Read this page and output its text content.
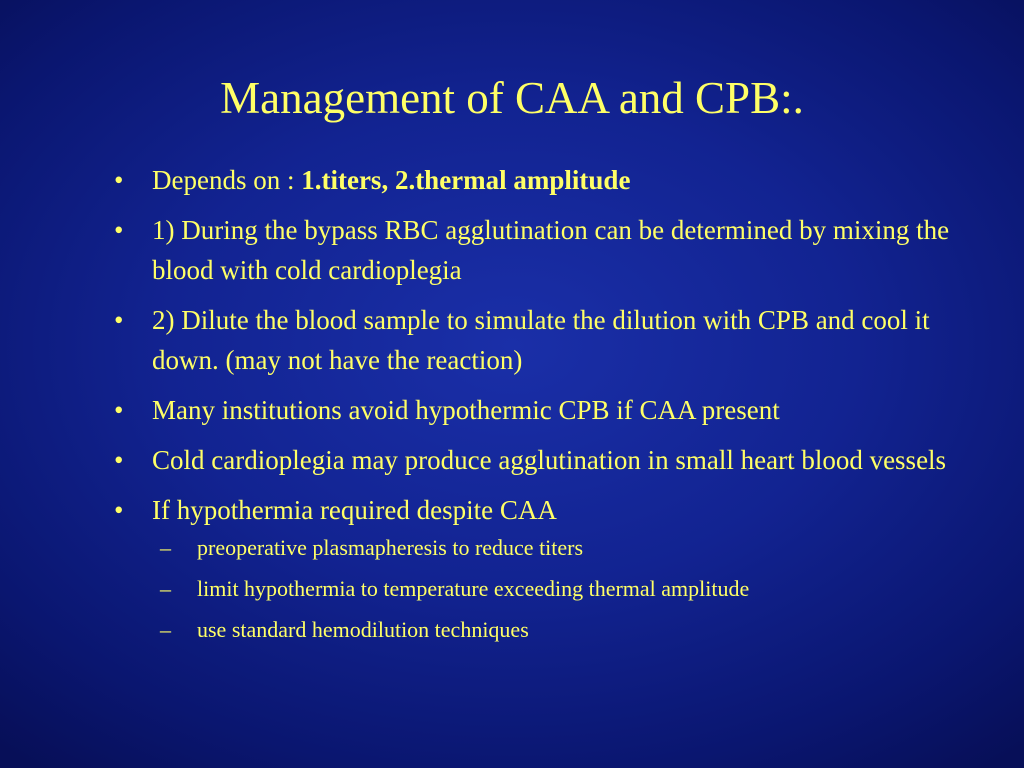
Management of CAA and CPB:.
• Depends on : 1.titers, 2.thermal amplitude
• 1) During the bypass RBC agglutination can be determined by mixing the blood with cold cardioplegia
• 2) Dilute the blood sample to simulate the dilution with CPB and cool it down. (may not have the reaction)
• Many institutions avoid hypothermic CPB if CAA present
• Cold cardioplegia may produce agglutination in small heart blood vessels
• If hypothermia required despite CAA
– preoperative plasmapheresis to reduce titers
– limit hypothermia to temperature exceeding thermal amplitude
– use standard hemodilution techniques
